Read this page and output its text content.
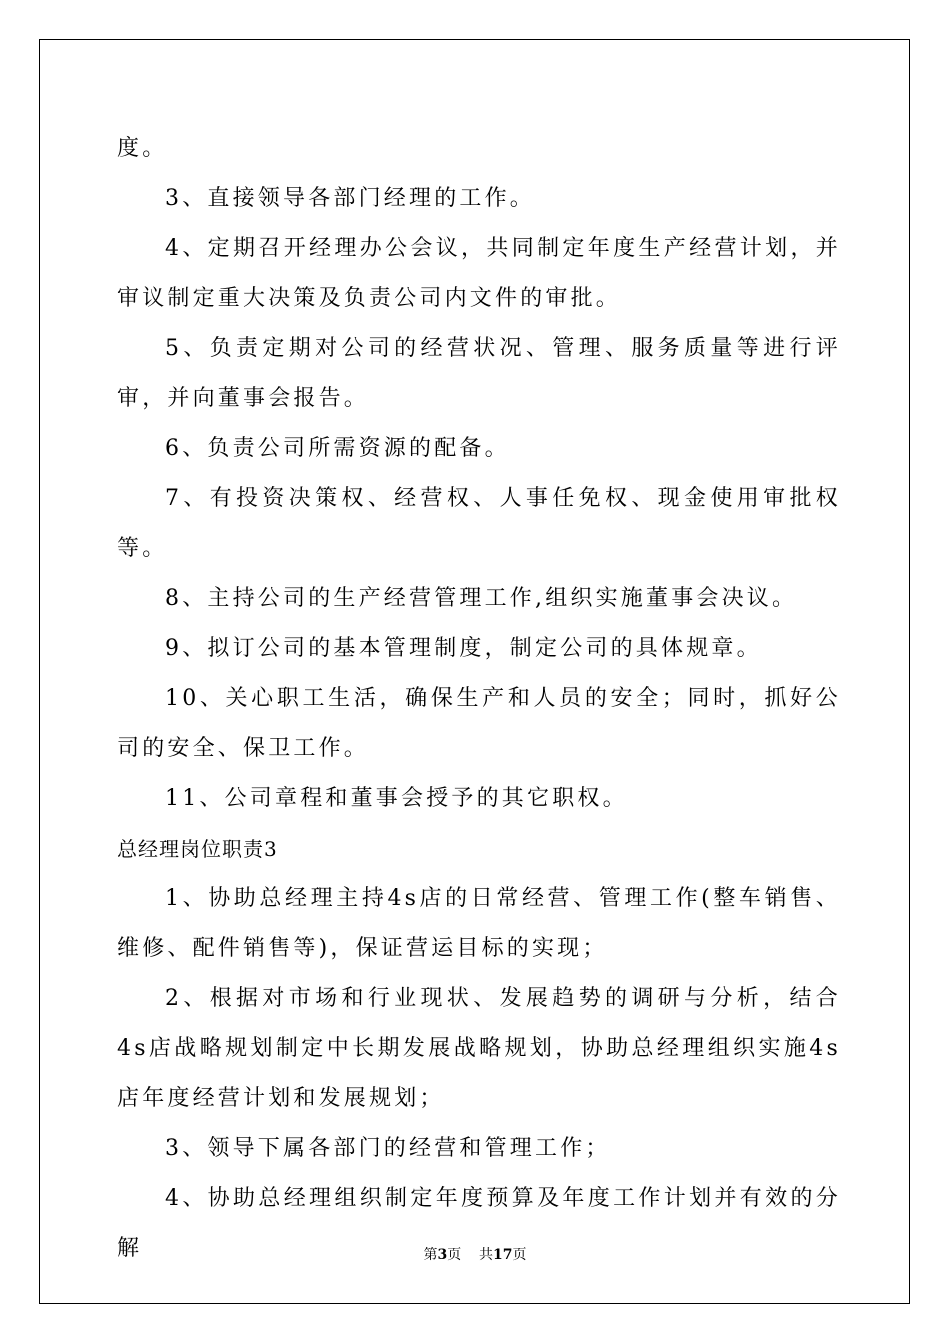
度。

3、直接领导各部门经理的工作。

4、定期召开经理办公会议，共同制定年度生产经营计划，并审议制定重大决策及负责公司内文件的审批。

5、负责定期对公司的经营状况、管理、服务质量等进行评审，并向董事会报告。

6、负责公司所需资源的配备。

7、有投资决策权、经营权、人事任免权、现金使用审批权等。

8、主持公司的生产经营管理工作,组织实施董事会决议。

9、拟订公司的基本管理制度，制定公司的具体规章。

10、关心职工生活，确保生产和人员的安全；同时，抓好公司的安全、保卫工作。

11、公司章程和董事会授予的其它职权。

总经理岗位职责3

1、协助总经理主持4s店的日常经营、管理工作(整车销售、维修、配件销售等)，保证营运目标的实现；

2、根据对市场和行业现状、发展趋势的调研与分析，结合4s店战略规划制定中长期发展战略规划，协助总经理组织实施4s店年度经营计划和发展规划；

3、领导下属各部门的经营和管理工作；

4、协助总经理组织制定年度预算及年度工作计划并有效的分解	第3页 共17页
